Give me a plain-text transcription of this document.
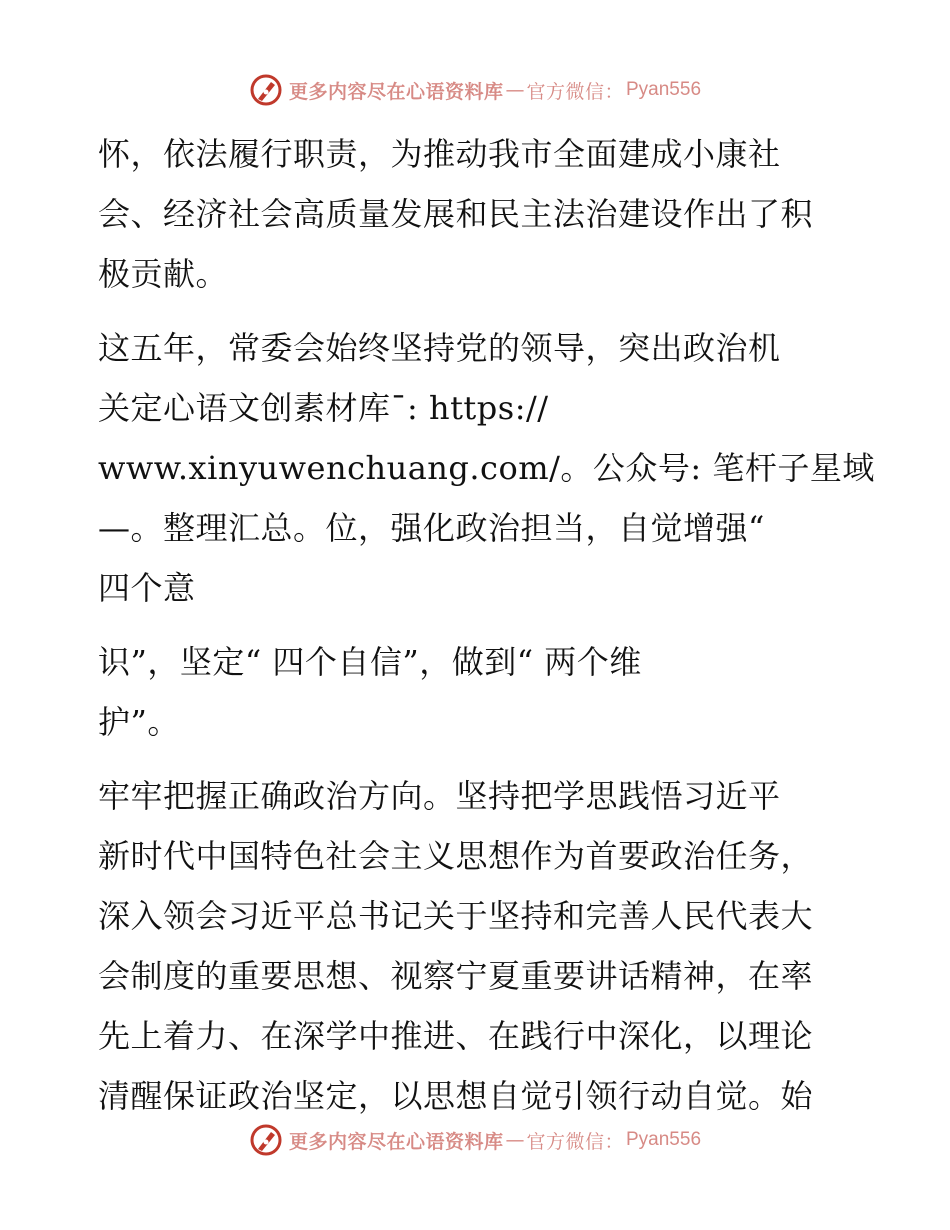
更多内容尽在心语资料库 — 官方微信： Pyan556

怀，依法履行职责，为推动我市全面建成小康社

会、经济社会高质量发展和民主法治建设作出了积

极贡献。

这五年，常委会始终坚持党的领导，突出政治机

关定心语文创素材库¯: https://

www.xinyuwenchuang.com/。公众号: 笔杆子星域

—。整理汇总。位，强化政治担当，自觉增强“

四个意

识”，坚定“ 四个自信”，做到“ 两个维

护”。

牢牢把握正确政治方向。坚持把学思践悟习近平

新时代中国特色社会主义思想作为首要政治任务，

深入领会习近平总书记关于坚持和完善人民代表大

会制度的重要思想、视察宁夏重要讲话精神，在率

先上着力、在深学中推进、在践行中深化，以理论

清醒保证政治坚定，以思想自觉引领行动自觉。始

更多内容尽在心语资料库 — 官方微信： Pyan556
